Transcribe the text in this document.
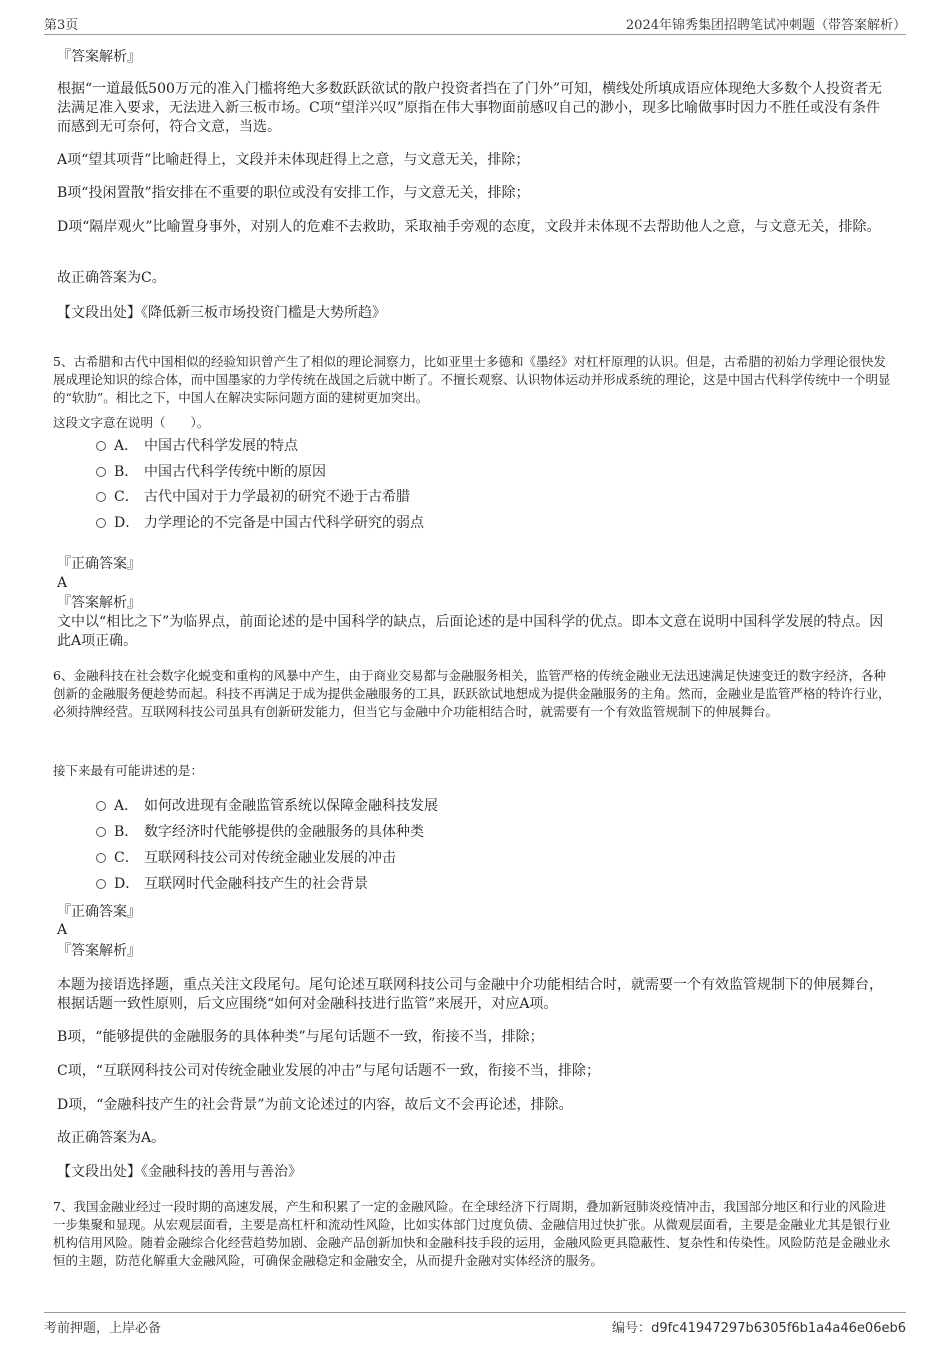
第3页	2024年锦秀集团招聘笔试冲刺题（带答案解析）

『答案解析』

根据“一道最低500万元的准入门槛将绝大多数跃跃欲试的散户投资者挡在了门外”可知，横线处所填成语应体现绝大多数个人投资者无法满足准入要求，无法进入新三板市场。C项“望洋兴叹”原指在伟大事物面前感叹自己的渺小，现多比喻做事时因力不胜任或没有条件而感到无可奈何，符合文意，当选。

A项“望其项背”比喻赶得上，文段并未体现赶得上之意，与文意无关，排除；

B项“投闲置散”指安排在不重要的职位或没有安排工作，与文意无关，排除；

D项“隔岸观火”比喻置身事外，对别人的危难不去救助，采取袖手旁观的态度，文段并未体现不去帮助他人之意，与文意无关，排除。

故正确答案为C。

【文段出处】《降低新三板市场投资门槛是大势所趋》

5、古希腊和古代中国相似的经验知识曾产生了相似的理论洞察力，比如亚里士多德和《墨经》对杠杆原理的认识。但是，古希腊的初始力学理论很快发展成理论知识的综合体，而中国墨家的力学传统在战国之后就中断了。不擅长观察、认识物体运动并形成系统的理论，这是中国古代科学传统中一个明显的“软肋”。相比之下，中国人在解决实际问题方面的建树更加突出。

这段文字意在说明（　　）。

A． 中国古代科学发展的特点
B． 中国古代科学传统中断的原因
C． 古代中国对于力学最初的研究不逊于古希腊
D． 力学理论的不完备是中国古代科学研究的弱点

『正确答案』

A

『答案解析』

文中以“相比之下”为临界点，前面论述的是中国科学的缺点，后面论述的是中国科学的优点。即本文意在说明中国科学发展的特点。因此A项正确。

6、金融科技在社会数字化蜕变和重构的风暴中产生，由于商业交易都与金融服务相关，监管严格的传统金融业无法迅速满足快速变迁的数字经济，各种创新的金融服务便趁势而起。科技不再满足于成为提供金融服务的工具，跃跃欲试地想成为提供金融服务的主角。然而，金融业是监管严格的特许行业，必须持牌经营。互联网科技公司虽具有创新研发能力，但当它与金融中介功能相结合时，就需要有一个有效监管规制下的伸展舞台。

接下来最有可能讲述的是：

A． 如何改进现有金融监管系统以保障金融科技发展
B． 数字经济时代能够提供的金融服务的具体种类
C． 互联网科技公司对传统金融业发展的冲击
D． 互联网时代金融科技产生的社会背景

『正确答案』

A

『答案解析』

本题为接语选择题，重点关注文段尾句。尾句论述互联网科技公司与金融中介功能相结合时，就需要一个有效监管规制下的伸展舞台，根据话题一致性原则，后文应围绕“如何对金融科技进行监管”来展开，对应A项。

B项，“能够提供的金融服务的具体种类”与尾句话题不一致，衔接不当，排除；

C项，“互联网科技公司对传统金融业发展的冲击”与尾句话题不一致，衔接不当，排除；

D项，“金融科技产生的社会背景”为前文论述过的内容，故后文不会再论述，排除。

故正确答案为A。

【文段出处】《金融科技的善用与善治》

7、我国金融业经过一段时期的高速发展，产生和积累了一定的金融风险。在全球经济下行周期，叠加新冠肺炎疫情冲击，我国部分地区和行业的风险进一步集聚和显现。从宏观层面看，主要是高杠杆和流动性风险，比如实体部门过度负债、金融信用过快扩张。从微观层面看，主要是金融业尤其是银行业机构信用风险。随着金融综合化经营趋势加剧、金融产品创新加快和金融科技手段的运用，金融风险更具隐蔽性、复杂性和传染性。风险防范是金融业永恒的主题，防范化解重大金融风险，可确保金融稳定和金融安全，从而提升金融对实体经济的服务。

考前押题，上岸必备	编号：d9fc41947297b6305f6b1a4a46e06eb6
